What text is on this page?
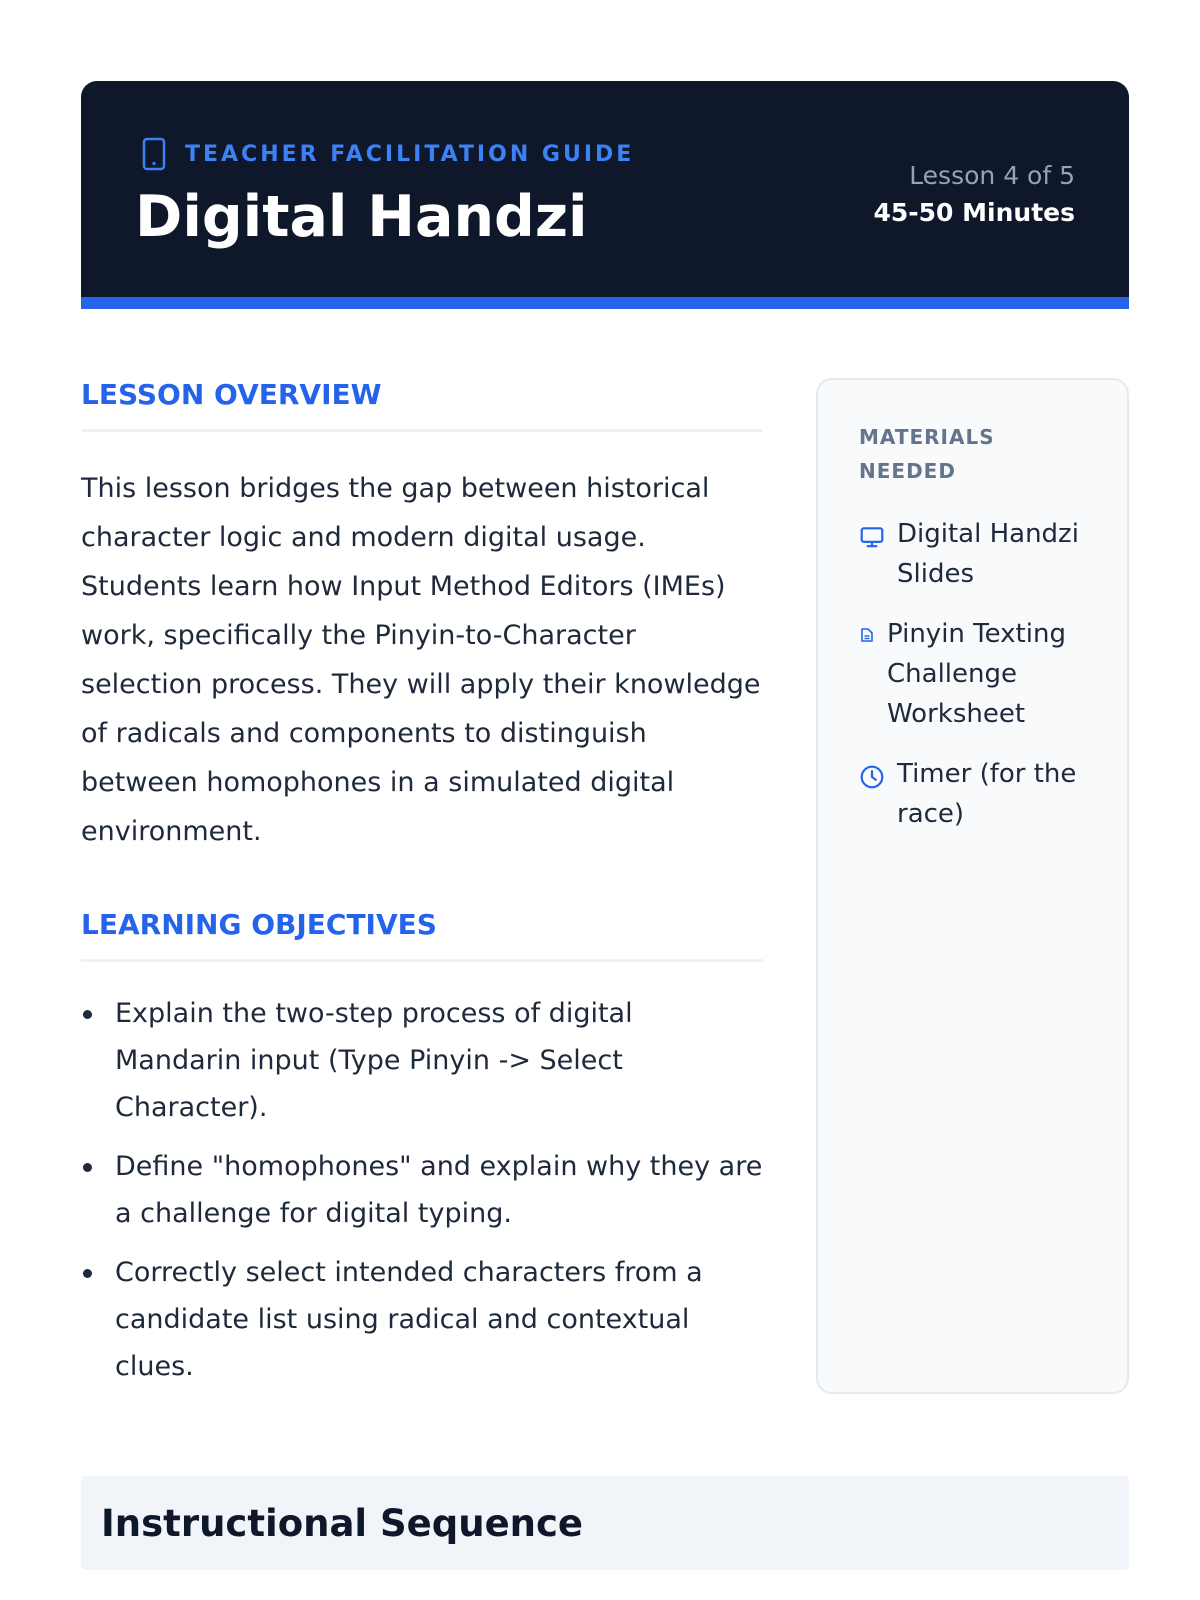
TEACHER FACILITATION GUIDE
Digital Handzi
Lesson 4 of 5
45-50 Minutes
LESSON OVERVIEW

This lesson bridges the gap between historical character logic and modern digital usage. Students learn how Input Method Editors (IMEs) work, specifically the Pinyin-to-Character selection process. They will apply their knowledge of radicals and components to distinguish between homophones in a simulated digital environment.

LEARNING OBJECTIVES
Explain the two-step process of digital Mandarin input (Type Pinyin -> Select Character).
Define "homophones" and explain why they are a challenge for digital typing.
Correctly select intended characters from a candidate list using radical and contextual clues.
MATERIALS NEEDED
Digital Handzi Slides
Pinyin Texting Challenge Worksheet
Timer (for the race)
Instructional Sequence
